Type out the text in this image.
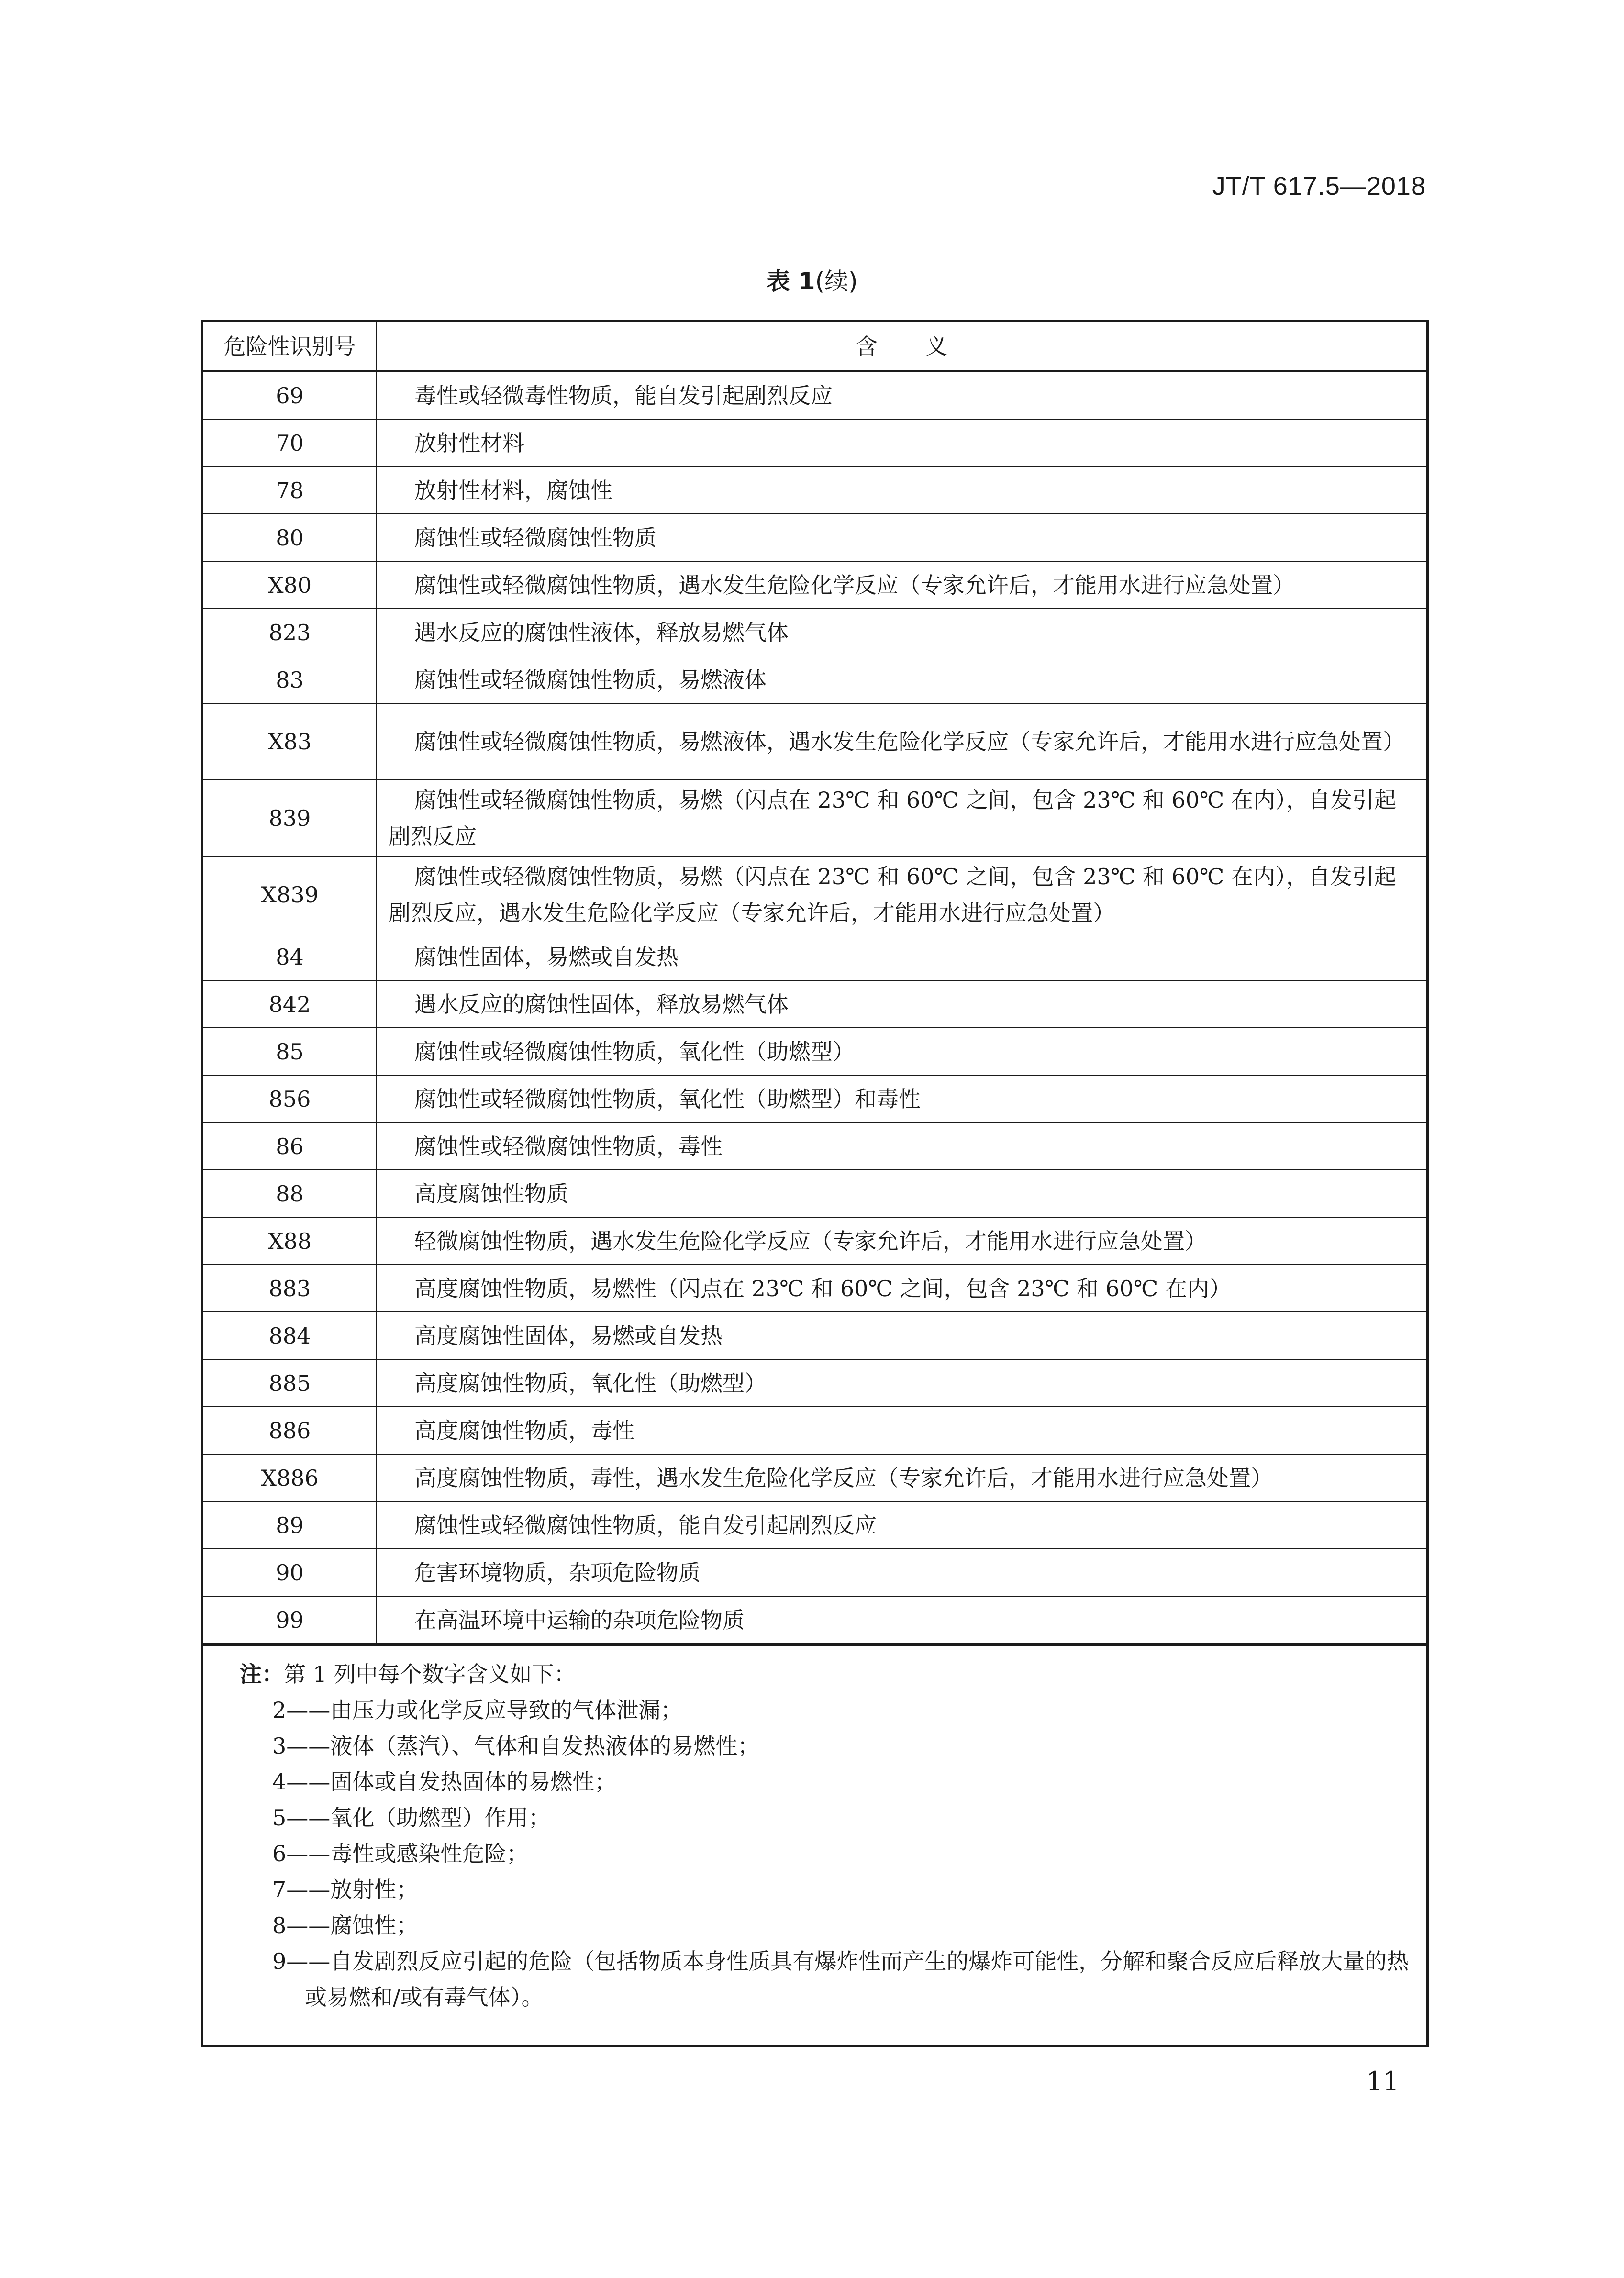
JT/T 617.5—2018
表 1(续)
危险性识别号	含义
69	毒性或轻微毒性物质，能自发引起剧烈反应
70	放射性材料
78	放射性材料，腐蚀性
80	腐蚀性或轻微腐蚀性物质
X80	腐蚀性或轻微腐蚀性物质，遇水发生危险化学反应（专家允许后，才能用水进行应急处置）
823	遇水反应的腐蚀性液体，释放易燃气体
83	腐蚀性或轻微腐蚀性物质，易燃液体
X83	腐蚀性或轻微腐蚀性物质，易燃液体，遇水发生危险化学反应（专家允许后，才能用水进行应急处置）
839	腐蚀性或轻微腐蚀性物质，易燃（闪点在 23℃ 和 60℃ 之间，包含 23℃ 和 60℃ 在内），自发引起剧烈反应
X839	腐蚀性或轻微腐蚀性物质，易燃（闪点在 23℃ 和 60℃ 之间，包含 23℃ 和 60℃ 在内），自发引起剧烈反应，遇水发生危险化学反应（专家允许后，才能用水进行应急处置）
84	腐蚀性固体，易燃或自发热
842	遇水反应的腐蚀性固体，释放易燃气体
85	腐蚀性或轻微腐蚀性物质，氧化性（助燃型）
856	腐蚀性或轻微腐蚀性物质，氧化性（助燃型）和毒性
86	腐蚀性或轻微腐蚀性物质，毒性
88	高度腐蚀性物质
X88	轻微腐蚀性物质，遇水发生危险化学反应（专家允许后，才能用水进行应急处置）
883	高度腐蚀性物质，易燃性（闪点在 23℃ 和 60℃ 之间，包含 23℃ 和 60℃ 在内）
884	高度腐蚀性固体，易燃或自发热
885	高度腐蚀性物质，氧化性（助燃型）
886	高度腐蚀性物质，毒性
X886	高度腐蚀性物质，毒性，遇水发生危险化学反应（专家允许后，才能用水进行应急处置）
89	腐蚀性或轻微腐蚀性物质，能自发引起剧烈反应
90	危害环境物质，杂项危险物质
99	在高温环境中运输的杂项危险物质
注：第 1 列中每个数字含义如下：
2——由压力或化学反应导致的气体泄漏；
3——液体（蒸汽）、气体和自发热液体的易燃性；
4——固体或自发热固体的易燃性；
5——氧化（助燃型）作用；
6——毒性或感染性危险；
7——放射性；
8——腐蚀性；
9——自发剧烈反应引起的危险（包括物质本身性质具有爆炸性而产生的爆炸可能性，分解和聚合反应后释放大量的热或易燃和/或有毒气体）。
11
